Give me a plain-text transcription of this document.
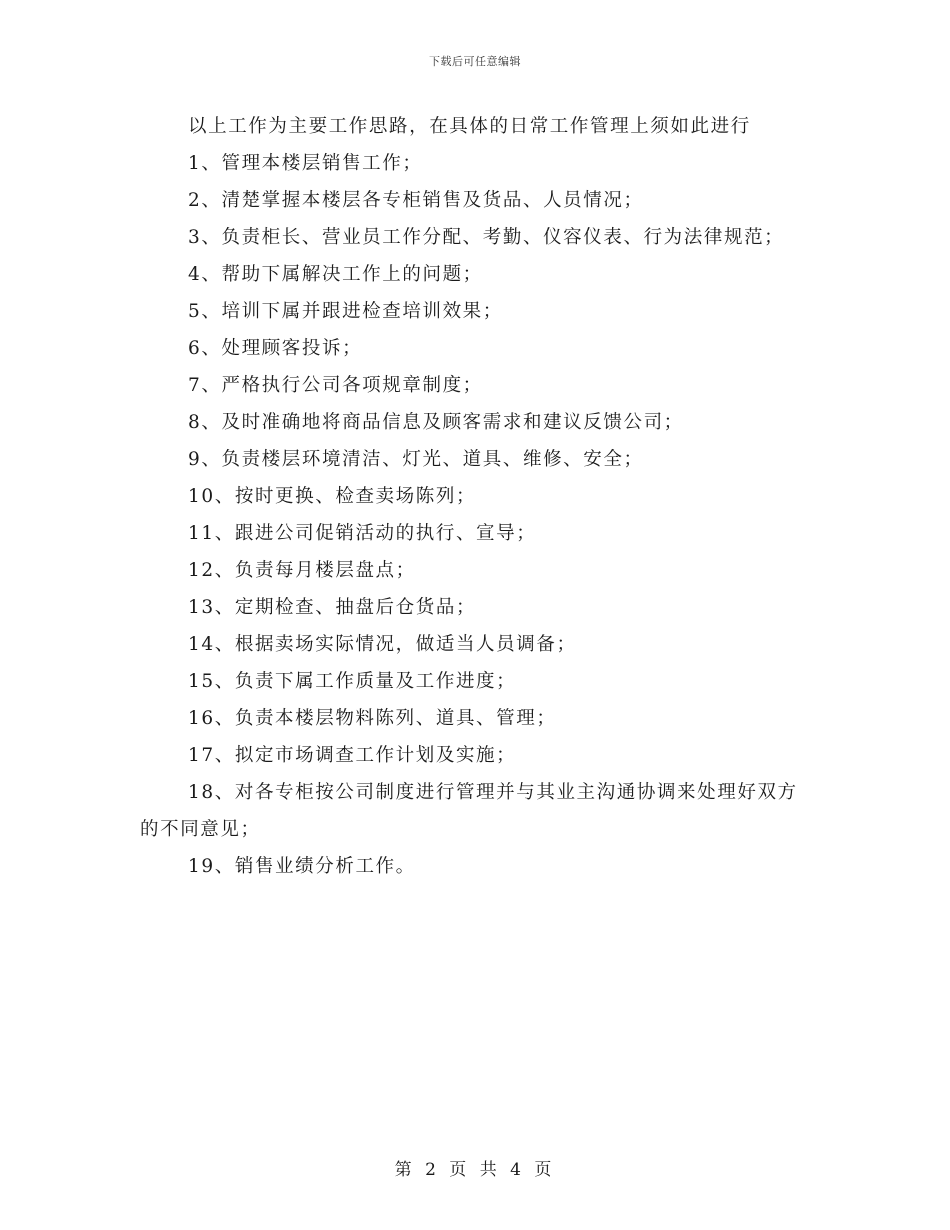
下载后可任意编辑

以上工作为主要工作思路，在具体的日常工作管理上须如此进行

1、管理本楼层销售工作；

2、清楚掌握本楼层各专柜销售及货品、人员情况；

3、负责柜长、营业员工作分配、考勤、仪容仪表、行为法律规范；

4、帮助下属解决工作上的问题；

5、培训下属并跟进检查培训效果；

6、处理顾客投诉；

7、严格执行公司各项规章制度；

8、及时准确地将商品信息及顾客需求和建议反馈公司；

9、负责楼层环境清洁、灯光、道具、维修、安全；

10、按时更换、检查卖场陈列；

11、跟进公司促销活动的执行、宣导；

12、负责每月楼层盘点；

13、定期检查、抽盘后仓货品；

14、根据卖场实际情况，做适当人员调备；

15、负责下属工作质量及工作进度；

16、负责本楼层物料陈列、道具、管理；

17、拟定市场调查工作计划及实施；

18、对各专柜按公司制度进行管理并与其业主沟通协调来处理好双方的不同意见；

19、销售业绩分析工作。

第 2 页 共 4 页
